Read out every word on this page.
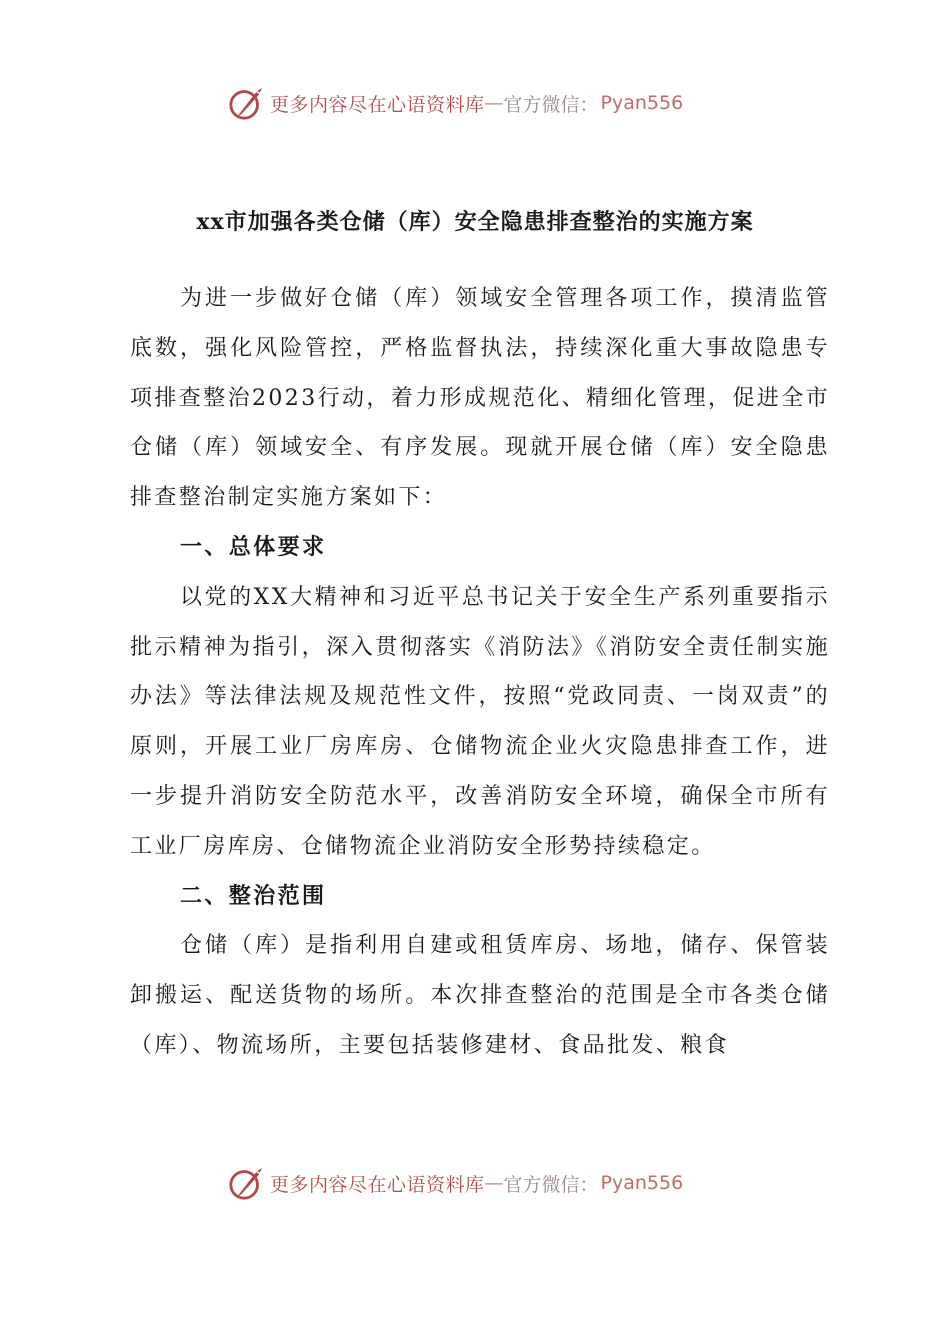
更多内容尽在心语资料库 — 官方微信： Pyan556
xx市加强各类仓储（库）安全隐患排查整治的实施方案

为进一步做好仓储（库）领域安全管理各项工作，摸清监管底数，强化风险管控，严格监督执法，持续深化重大事故隐患专项排查整治2023行动，着力形成规范化、精细化管理，促进全市仓储（库）领域安全、有序发展。现就开展仓储（库）安全隐患排查整治制定实施方案如下：

一、总体要求

以党的XX大精神和习近平总书记关于安全生产系列重要指示批示精神为指引，深入贯彻落实《消防法》《消防安全责任制实施办法》等法律法规及规范性文件，按照“党政同责、一岗双责”的原则，开展工业厂房库房、仓储物流企业火灾隐患排查工作，进一步提升消防安全防范水平，改善消防安全环境，确保全市所有工业厂房库房、仓储物流企业消防安全形势持续稳定。

二、整治范围

仓储（库）是指利用自建或租赁库房、场地，储存、保管装卸搬运、配送货物的场所。本次排查整治的范围是全市各类仓储（库）、物流场所，主要包括装修建材、食品批发、粮食

更多内容尽在心语资料库 — 官方微信： Pyan556
